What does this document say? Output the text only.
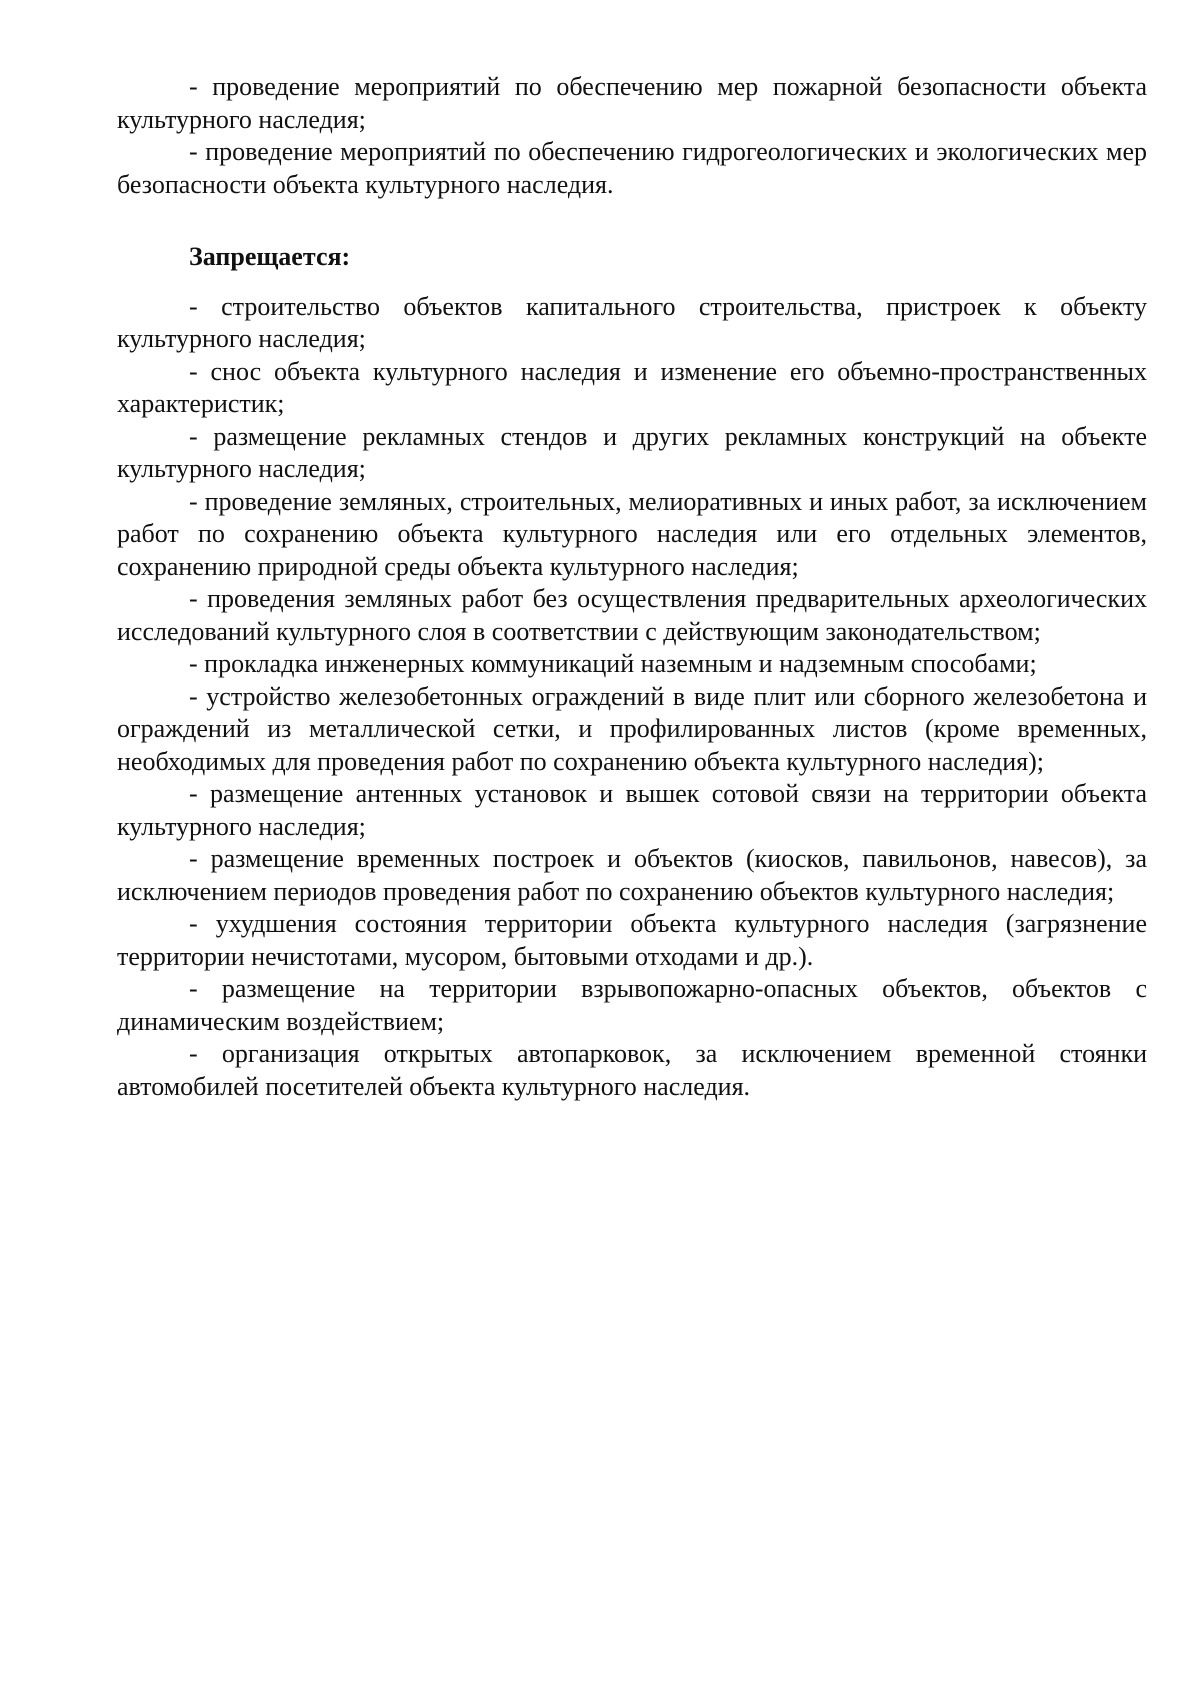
- проведение мероприятий по обеспечению мер пожарной безопасности объекта культурного наследия;

- проведение мероприятий по обеспечению гидрогеологических и экологических мер безопасности объекта культурного наследия.

Запрещается:

- строительство объектов капитального строительства, пристроек к объекту культурного наследия;

- снос объекта культурного наследия и изменение его объемно-пространственных характеристик;

- размещение рекламных стендов и других рекламных конструкций на объекте культурного наследия;

- проведение земляных, строительных, мелиоративных и иных работ, за исключением работ по сохранению объекта культурного наследия или его отдельных элементов, сохранению природной среды объекта культурного наследия;

- проведения земляных работ без осуществления предварительных археологических исследований культурного слоя в соответствии с действующим законодательством;

- прокладка инженерных коммуникаций наземным и надземным способами;

- устройство железобетонных ограждений в виде плит или сборного железобетона и ограждений из металлической сетки, и профилированных листов (кроме временных, необходимых для проведения работ по сохранению объекта культурного наследия);

- размещение антенных установок и вышек сотовой связи на территории объекта культурного наследия;

- размещение временных построек и объектов (киосков, павильонов, навесов), за исключением периодов проведения работ по сохранению объектов культурного наследия;

- ухудшения состояния территории объекта культурного наследия (загрязнение территории нечистотами, мусором, бытовыми отходами и др.).

- размещение на территории взрывопожарно-опасных объектов, объектов с динамическим воздействием;

- организация открытых автопарковок, за исключением временной стоянки автомобилей посетителей объекта культурного наследия.
